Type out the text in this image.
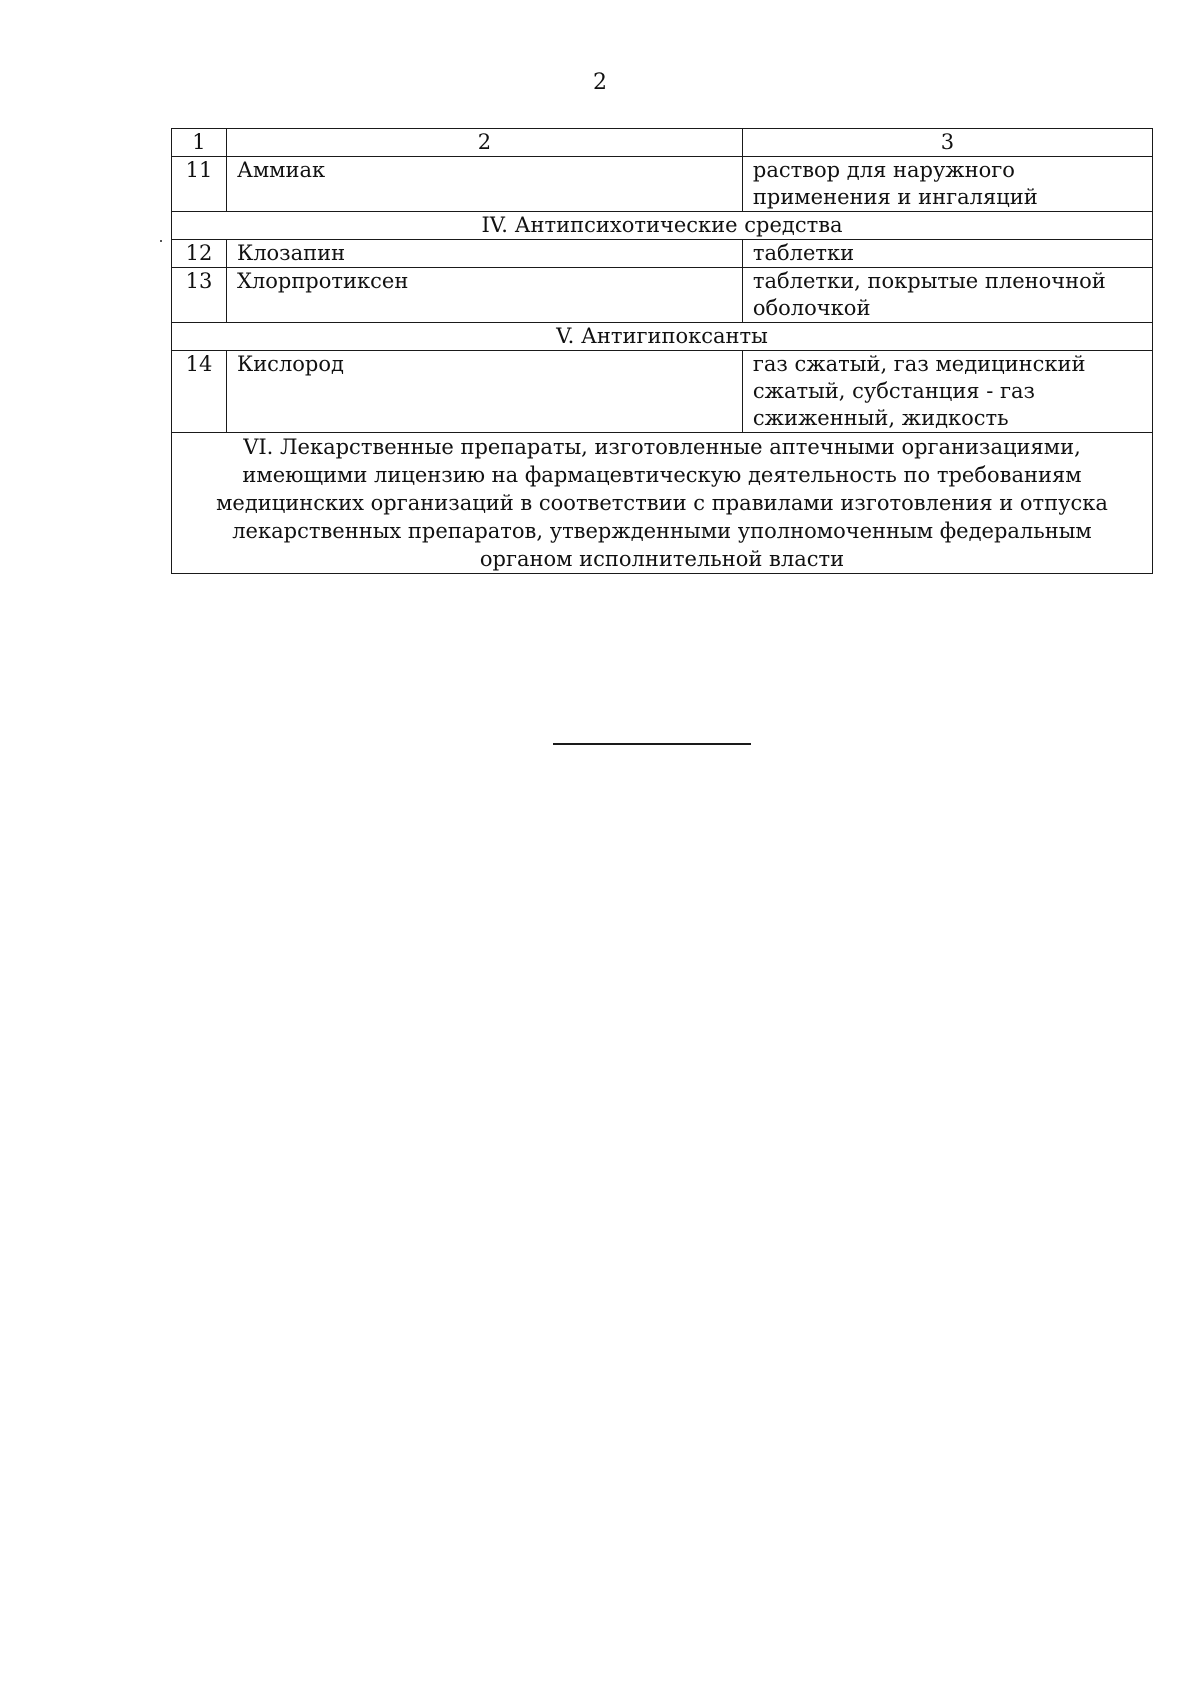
2
1	2	3
11	Аммиак	раствор для наружного применения и ингаляций
IV. Антипсихотические средства		
12	Клозапин	таблетки
13	Хлорпротиксен	таблетки, покрытые пленочной оболочкой
V. Антигипоксанты		
14	Кислород	газ сжатый, газ медицинский сжатый, субстанция - газ сжиженный, жидкость
VI. Лекарственные препараты, изготовленные аптечными организациями, имеющими лицензию на фармацевтическую деятельность по требованиям медицинских организаций в соответствии с правилами изготовления и отпуска лекарственных препаратов, утвержденными уполномоченным федеральным органом исполнительной власти		
